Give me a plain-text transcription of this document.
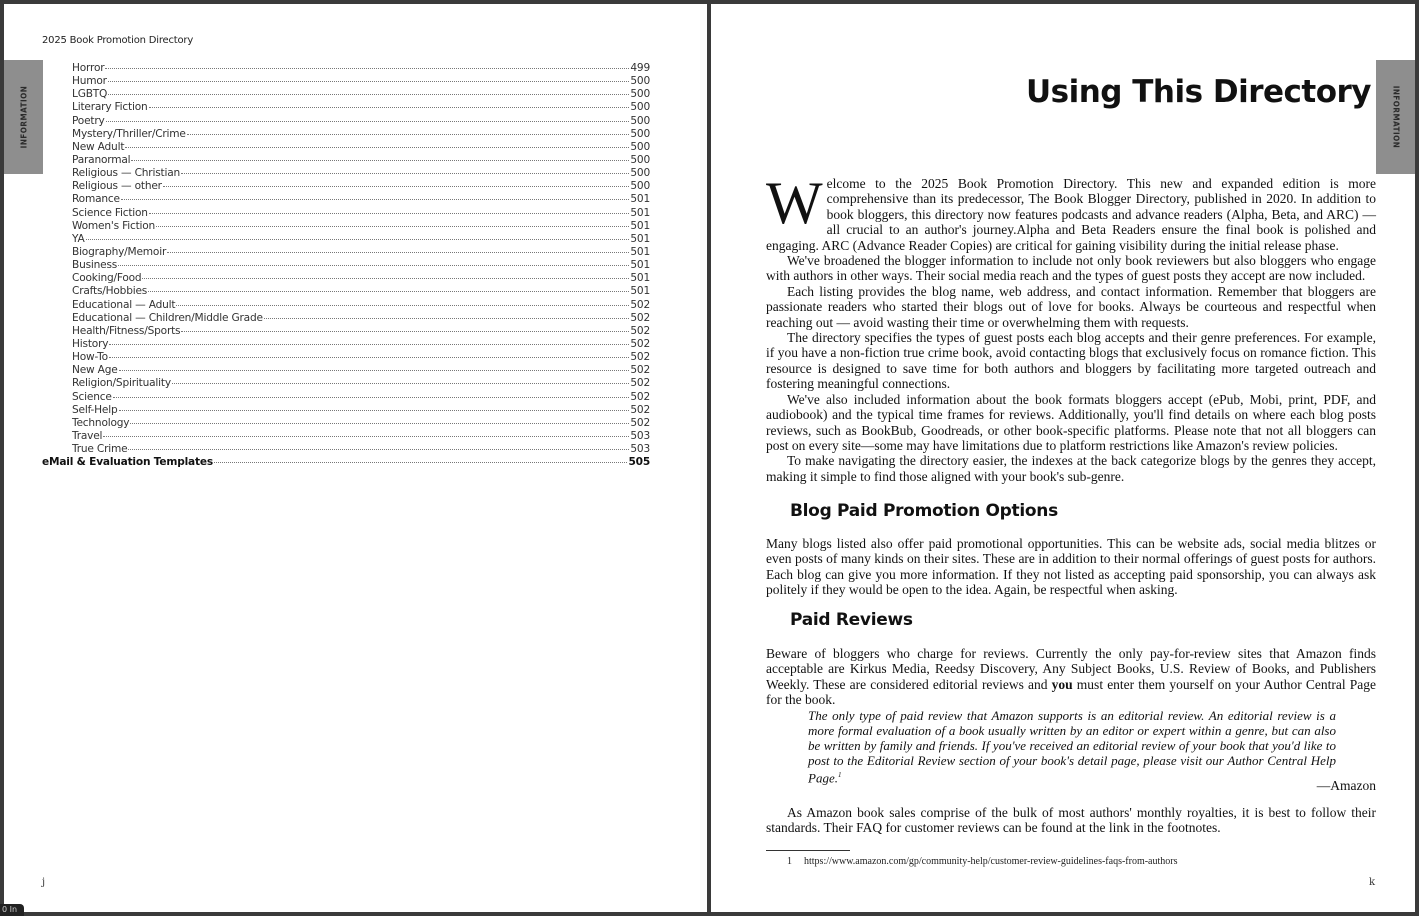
INFORMATION
2025 Book Promotion Directory
Horror	499
Humor	500
LGBTQ	500
Literary Fiction	500
Poetry	500
Mystery/Thriller/Crime	500
New Adult	500
Paranormal	500
Religious — Christian	500
Religious — other	500
Romance	501
Science Fiction	501
Women's Fiction	501
YA	501
Biography/Memoir	501
Business	501
Cooking/Food	501
Crafts/Hobbies	501
Educational — Adult	502
Educational — Children/Middle Grade	502
Health/Fitness/Sports	502
History	502
How-To	502
New Age	502
Religion/Spirituality	502
Science	502
Self-Help	502
Technology	502
Travel	503
True Crime	503
eMail & Evaluation Templates	505
j
INFORMATION
Using This Directory

Welcome to the 2025 Book Promotion Directory. This new and expanded edition is more comprehensive than its predecessor, The Book Blogger Directory, published in 2020. In addition to book bloggers, this directory now features podcasts and advance readers (Alpha, Beta, and ARC) — all crucial to an author's journey.Alpha and Beta Readers ensure the final book is polished and engaging. ARC (Advance Reader Copies) are critical for gaining visibility during the initial release phase.

We've broadened the blogger information to include not only book reviewers but also bloggers who engage with authors in other ways. Their social media reach and the types of guest posts they accept are now included.

Each listing provides the blog name, web address, and contact information. Remember that bloggers are passionate readers who started their blogs out of love for books. Always be courteous and respectful when reaching out — avoid wasting their time or overwhelming them with requests.

The directory specifies the types of guest posts each blog accepts and their genre preferences. For example, if you have a non-fiction true crime book, avoid contacting blogs that exclusively focus on romance fiction. This resource is designed to save time for both authors and bloggers by facilitating more targeted outreach and fostering meaningful connections.

We've also included information about the book formats bloggers accept (ePub, Mobi, print, PDF, and audiobook) and the typical time frames for reviews. Additionally, you'll find details on where each blog posts reviews, such as BookBub, Goodreads, or other book-specific platforms. Please note that not all bloggers can post on every site—some may have limitations due to platform restrictions like Amazon's review policies.

To make navigating the directory easier, the indexes at the back categorize blogs by the genres they accept, making it simple to find those aligned with your book's sub-genre.

Blog Paid Promotion Options
Many blogs listed also offer paid promotional opportunities. This can be website ads, social media blitzes or even posts of many kinds on their sites. These are in addition to their normal offerings of guest posts for authors. Each blog can give you more information. If they not listed as accepting paid sponsorship, you can always ask politely if they would be open to the idea. Again, be respectful when asking.
Paid Reviews
Beware of bloggers who charge for reviews. Currently the only pay-for-review sites that Amazon finds acceptable are Kirkus Media, Reedsy Discovery, Any Subject Books, U.S. Review of Books, and Publishers Weekly. These are considered editorial reviews and you must enter them yourself on your Author Central Page for the book.
The only type of paid review that Amazon supports is an editorial review. An editorial review is a more formal evaluation of a book usually written by an editor or expert within a genre, but can also be written by family and friends. If you've received an editorial review of your book that you'd like to post to the Editorial Review section of your book's detail page, please visit our Author Central Help Page.$^1$
—Amazon
As Amazon book sales comprise of the bulk of most authors' monthly royalties, it is best to follow their standards. Their FAQ for customer reviews can be found at the link in the footnotes.
1 https://www.amazon.com/gp/community-help/customer-review-guidelines-faqs-from-authors
k
0 In
